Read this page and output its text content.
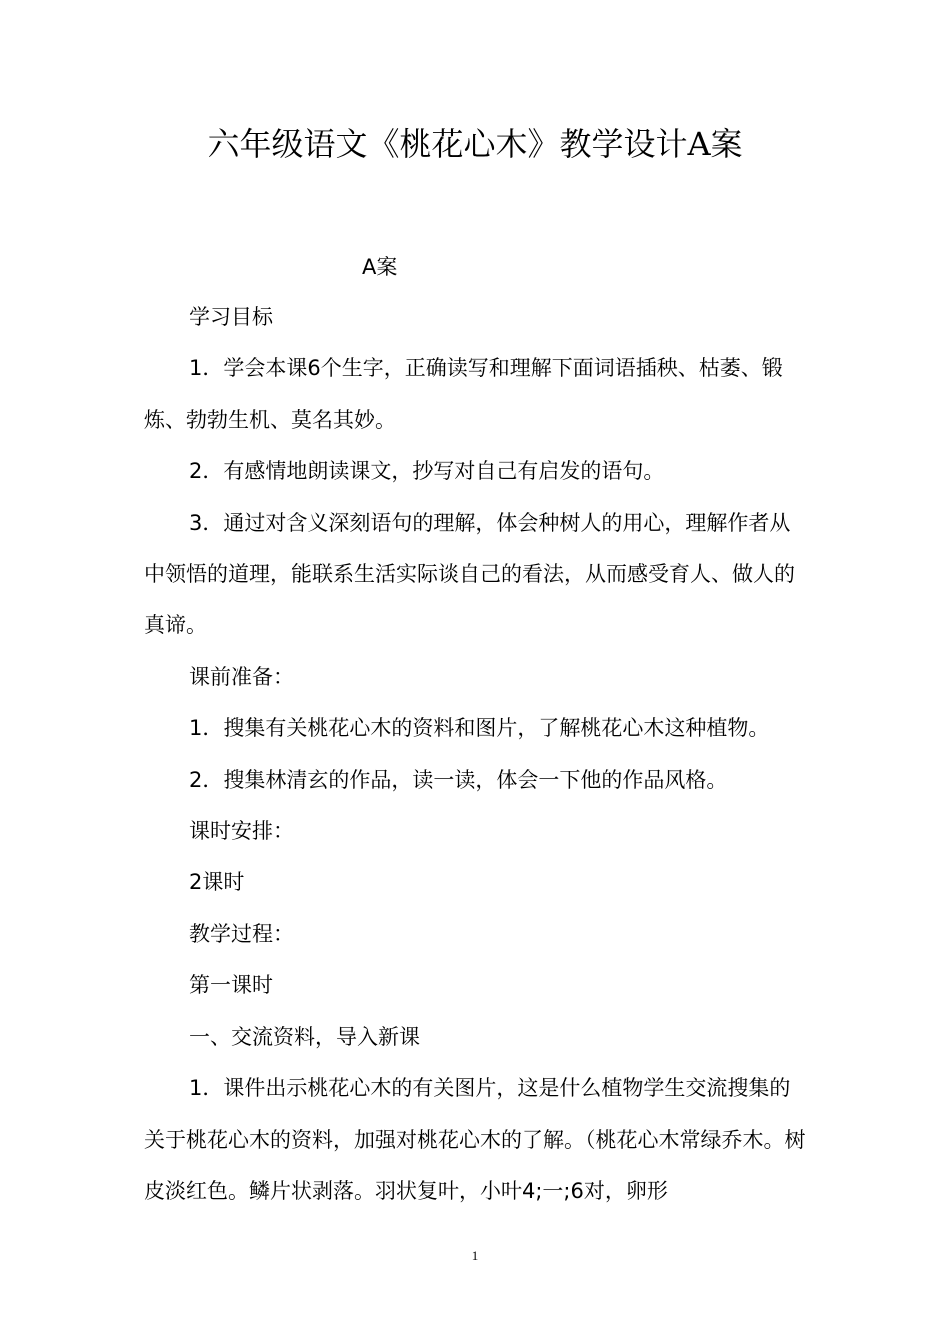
六年级语文《桃花心木》教学设计A案
A案

学习目标

1．学会本课6个生字，正确读写和理解下面词语插秧、枯萎、锻炼、勃勃生机、莫名其妙。

2．有感情地朗读课文，抄写对自己有启发的语句。

3．通过对含义深刻语句的理解，体会种树人的用心，理解作者从中领悟的道理，能联系生活实际谈自己的看法，从而感受育人、做人的真谛。

课前准备：

1．搜集有关桃花心木的资料和图片，了解桃花心木这种植物。

2．搜集林清玄的作品，读一读，体会一下他的作品风格。

课时安排：

2课时

教学过程：

第一课时

一、交流资料，导入新课

1．课件出示桃花心木的有关图片，这是什么植物学生交流搜集的关于桃花心木的资料，加强对桃花心木的了解。（桃花心木常绿乔木。树皮淡红色。鳞片状剥落。羽状复叶，小叶4;一;6对，卵形

1
